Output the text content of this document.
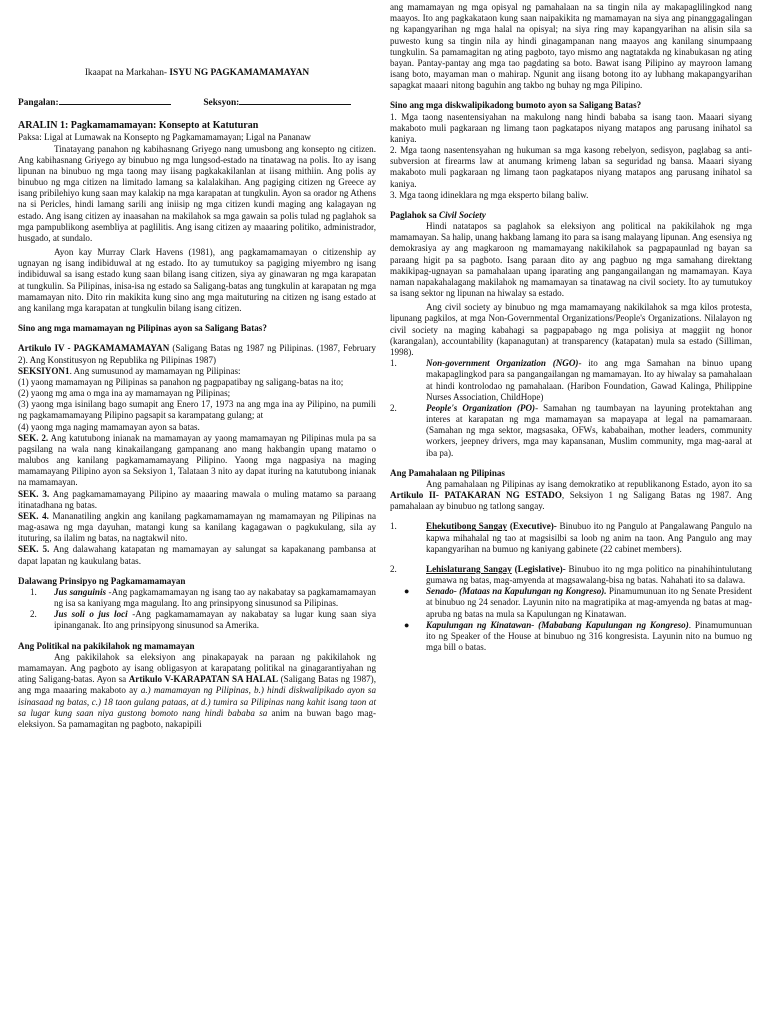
Ikaapat na Markahan- ISYU NG PAGKAMAMAMAYAN
Pangalan:	Seksyon:

ARALIN 1: Pagkamamamayan: Konsepto at Katuturan

Paksa: Ligal at Lumawak na Konsepto ng Pagkamamamayan; Ligal na Pananaw

Tinatayang panahon ng kabihasnang Griyego nang umusbong ang konsepto ng citizen. Ang kabihasnang Griyego ay binubuo ng mga lungsod-estado na tinatawag na polis. Ito ay isang lipunan na binubuo ng mga taong may iisang pagkakakilanlan at iisang mithiin. Ang polis ay binubuo ng mga citizen na limitado lamang sa kalalakihan. Ang pagiging citizen ng Greece ay isang pribilehiyo kung saan may kalakip na mga karapatan at tungkulin. Ayon sa orador ng Athens na si Pericles, hindi lamang sarili ang iniisip ng mga citizen kundi maging ang kalagayan ng estado. Ang isang citizen ay inaasahan na makilahok sa mga gawain sa polis tulad ng paglahok sa mga pampublikong asembliya at paglilitis. Ang isang citizen ay maaaring politiko, administrador, husgado, at sundalo.

Ayon kay Murray Clark Havens (1981), ang pagkamamamayan o citizenship ay ugnayan ng isang indibiduwal at ng estado. Ito ay tumutukoy sa pagiging miyembro ng isang indibiduwal sa isang estado kung saan bilang isang citizen, siya ay ginawaran ng mga karapatan at tungkulin. Sa Pilipinas, inisa-isa ng estado sa Saligang-batas ang tungkulin at karapatan ng mga mamamayan nito. Dito rin makikita kung sino ang mga maituturing na citizen ng isang estado at ang kanilang mga karapatan at tungkulin bilang isang citizen.

Sino ang mga mamamayan ng Pilipinas ayon sa Saligang Batas?

Artikulo IV - PAGKAMAMAMAYAN (Saligang Batas ng 1987 ng Pilipinas. (1987, February 2). Ang Konstitusyon ng Republika ng Pilipinas 1987)

SEKSIYON1. Ang sumusunod ay mamamayan ng Pilipinas:

(1) yaong mamamayan ng Pilipinas sa panahon ng pagpapatibay ng saligang-batas na ito;

(2) yaong mg ama o mga ina ay mamamayan ng Pilipinas;

(3) yaong mga isinilang bago sumapit ang Enero 17, 1973 na ang mga ina ay Pilipino, na pumili ng pagkamamamayang Pilipino pagsapit sa karampatang gulang; at

(4) yaong mga naging mamamayan ayon sa batas.

SEK. 2. Ang katutubong inianak na mamamayan ay yaong mamamayan ng Pilipinas mula pa sa pagsilang na wala nang kinakailangang gampanang ano mang hakbangin upang matamo o malubos ang kanilang pagkamamamayang Pilipino. Yaong mga nagpasiya na maging mamamayang Pilipino ayon sa Seksiyon 1, Talataan 3 nito ay dapat ituring na katutubong inianak na mamamayan.

SEK. 3. Ang pagkamamamayang Pilipino ay maaaring mawala o muling matamo sa paraang itinatadhana ng batas.

SEK. 4. Mananatiling angkin ang kanilang pagkamamamayan ng mamamayan ng Pilipinas na mag-asawa ng mga dayuhan, matangi kung sa kanilang kagagawan o pagkukulang, sila ay ituturing, sa ilalim ng batas, na nagtakwil nito.

SEK. 5. Ang dalawahang katapatan ng mamamayan ay salungat sa kapakanang pambansa at dapat lapatan ng kaukulang batas.

Dalawang Prinsipyo ng Pagkamamamayan

1. Jus sanguinis -Ang pagkamamamayan ng isang tao ay nakabatay sa pagkamamamayan ng isa sa kaniyang mga magulang. Ito ang prinsipyong sinusunod sa Pilipinas.
2. Jus soli o jus loci -Ang pagkamamamayan ay nakabatay sa lugar kung saan siya ipinanganak. Ito ang prinsipyong sinusunod sa Amerika.

Ang Politikal na pakikilahok ng mamamayan

Ang pakikilahok sa eleksiyon ang pinakapayak na paraan ng pakikilahok ng mamamayan. Ang pagboto ay isang obligasyon at karapatang politikal na ginagarantiyahan ng ating Saligang-batas. Ayon sa Artikulo V-KARAPATAN SA HALAL (Saligang Batas ng 1987), ang mga maaaring makaboto ay a.) mamamayan ng Pilipinas, b.) hindi diskwalipikado ayon sa isinasaad ng batas, c.) 18 taon gulang pataas, at d.) tumira sa Pilipinas nang kahit isang taon at sa lugar kung saan niya gustong bomoto nang hindi bababa sa anim na buwan bago mag-eleksiyon. Sa pamamagitan ng pagboto, nakapipili

ang mamamayan ng mga opisyal ng pamahalaan na sa tingin nila ay makapaglilingkod nang maayos. Ito ang pagkakataon kung saan naipakikita ng mamamayan na siya ang pinanggagalingan ng kapangyarihan ng mga halal na opisyal; na siya ring may kapangyarihan na alisin sila sa puwesto kung sa tingin nila ay hindi ginagampanan nang maayos ang kanilang sinumpaang tungkulin. Sa pamamagitan ng ating pagboto, tayo mismo ang nagtatakda ng kinabukasan ng ating bayan. Pantay-pantay ang mga tao pagdating sa boto. Bawat isang Pilipino ay mayroon lamang isang boto, mayaman man o mahirap. Ngunit ang iisang botong ito ay lubhang makapangyarihan sapagkat maaari nitong baguhin ang takbo ng buhay ng mga Pilipino.

Sino ang mga diskwalipikadong bumoto ayon sa Saligang Batas?

1. Mga taong nasentensiyahan na makulong nang hindi bababa sa isang taon. Maaari siyang makaboto muli pagkaraan ng limang taon pagkatapos niyang matapos ang parusang inihatol sa kaniya.

2. Mga taong nasentensyahan ng hukuman sa mga kasong rebelyon, sedisyon, paglabag sa anti-subversion at firearms law at anumang krimeng laban sa seguridad ng bansa. Maaari siyang makaboto muli pagkaraan ng limang taon pagkatapos niyang matapos ang parusang inihatol sa kaniya.

3. Mga taong idineklara ng mga eksperto bilang baliw.

Paglahok sa Civil Society

Hindi natatapos sa paglahok sa eleksiyon ang political na pakikilahok ng mga mamamayan. Sa halip, unang hakbang lamang ito para sa isang malayang lipunan. Ang esensiya ng demokrasiya ay ang magkaroon ng mamamayang nakikilahok sa pagpapaunlad ng bayan sa paraang higit pa sa pagboto. Isang paraan dito ay ang pagbuo ng mga samahang direktang makikipag-ugnayan sa pamahalaan upang iparating ang pangangailangan ng mamamayan. Kaya naman napakahalagang makilahok ng mamamayan sa tinatawag na civil society. Ito ay tumutukoy sa isang sektor ng lipunan na hiwalay sa estado.

Ang civil society ay binubuo ng mga mamamayang nakikilahok sa mga kilos protesta, lipunang pagkilos, at mga Non-Governmental Organizations/People's Organizations. Nilalayon ng civil society na maging kabahagi sa pagpapabago ng mga polisiya at maggiit ng honor (karangalan), accountability (kapanagutan) at transparency (katapatan) mula sa estado (Silliman, 1998).

1.	Non-government Organization (NGO)- ito ang mga Samahan na binuo upang makapaglingkod para sa pangangailangan ng mamamayan. Ito ay hiwalay sa pamahalaan at hindi kontrolodao ng pamahalaan. (Haribon Foundation, Gawad Kalinga, Philippine Nurses Association, ChildHope)
2.	People's Organization (PO)- Samahan ng taumbayan na layuning protektahan ang interes at karapatan ng mga mamamayan sa mapayapa at legal na pamamaraan. (Samahan ng mga sektor, magsasaka, OFWs, kababaihan, mother leaders, community workers, jeepney drivers, mga may kapansanan, Muslim community, mga mag-aaral at iba pa).

Ang Pamahalaan ng Pilipinas

Ang pamahalaan ng Pilipinas ay isang demokratiko at republikanong Estado, ayon ito sa Artikulo II- PATAKARAN NG ESTADO, Seksiyon 1 ng Saligang Batas ng 1987. Ang pamahalaan ay binubuo ng tatlong sangay.

1.	Ehekutibong Sangay (Executive)- Binubuo ito ng Pangulo at Pangalawang Pangulo na kapwa mihahalal ng tao at magsisilbi sa loob ng anim na taon. Ang Pangulo ang may kapangyarihan na bumuo ng kaniyang gabinete (22 cabinet members).
2.	Lehislaturang Sangay (Legislative)- Binubuo ito ng mga politico na pinahihintulutang gumawa ng batas, mag-amyenda at magsawalang-bisa ng batas. Nahahati ito sa dalawa.
● Senado- (Mataas na Kapulungan ng Kongreso). Pinamumunuan ito ng Senate President at binubuo ng 24 senador. Layunin nito na magratipika at mag-amyenda ng batas at mag-apruba ng batas na mula sa Kapulungan ng Kinatawan.
● Kapulungan ng Kinatawan- (Mababang Kapulungan ng Kongreso). Pinamumunuan ito ng Speaker of the House at binubuo ng 316 kongresista. Layunin nito na bumuo ng mga bill o batas.
